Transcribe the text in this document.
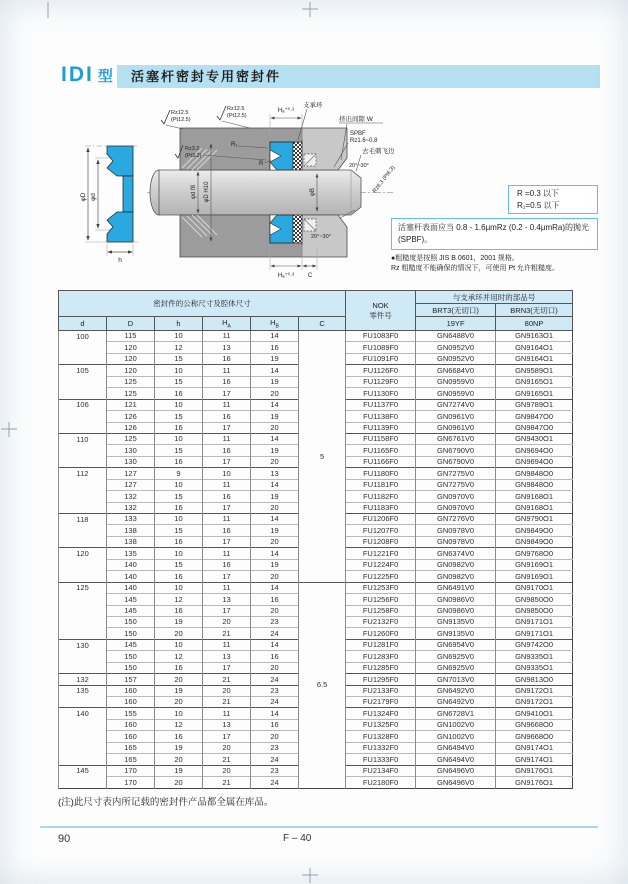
IDI 型	活塞杆密封专用密封件
φD φd
h
Rz12.5
(Pt12.5)
Rz12.5
(Pt12.5)
Hₐ⁺⁰·³
支承环
挤出间隙 W
SPBF
Rz1.6~0.8
去毛刺飞边
20°~30° Rz6.3 (Pt6.3)
Rz3.2
(Pt3.2)
R₁
R
φd f8 φD H10	φB
Hₐ⁺⁰·³ C
20°~30°
R =0.3 以下
R₁=0.5 以下
活塞杆表面应当 0.8 - 1.6μmRz (0.2 - 0.4μmRa)的抛光(SPBF)。
●粗糙度是按照 JIS B 0601，2001 规格。
Rz 粗糙度不能确保的情况下，可使用 Pt 允许粗糙度。
密封件的公称尺寸及腔体尺寸						NOK
零件号	与支承环并用时的部品号	
							BRT3(无切口)	BRN3(无切口)
d	D	h	$H_A$	$H_B$	C		19YF	80NP
100	115	10	11	14	5	FU1083F0	GN6488V0	GN9163O1
	120	12	13	16		FU1089F0	GN0952V0	GN9164O1
	120	15	16	19		FU1091F0	GN0952V0	GN9164O1
105	120	10	11	14		FU1126F0	GN6684V0	GN9589O1
	125	15	16	19		FU1129F0	GN0959V0	GN9165O1
	125	16	17	20		FU1130F0	GN0959V0	GN9165O1
106	121	10	11	14		FU1137F0	GN7274V0	GN9789O1
	126	15	16	19		FU1138F0	GN0961V0	GN9847O0
	126	16	17	20		FU1139F0	GN0961V0	GN9847O0
110	125	10	11	14		FU1158F0	GN6761V0	GN9430O1
	130	15	16	19		FU1165F0	GN6790V0	GN9694O0
	130	16	17	20		FU1166F0	GN6790V0	GN9694O0
112	127	9	10	13		FU1180F0	GN7275V0	GN9848O0
	127	10	11	14		FU1181F0	GN7275V0	GN9848O0
	132	15	16	19		FU1182F0	GN0970V0	GN9168O1
	132	16	17	20		FU1183F0	GN0970V0	GN9168O1
118	133	10	11	14		FU1206F0	GN7276V0	GN9790O1
	138	15	16	19		FU1207F0	GN0978V0	GN9849O0
	138	16	17	20		FU1208F0	GN0978V0	GN9849O0
120	135	10	11	14		FU1221F0	GN6374V0	GN9768O0
	140	15	16	19		FU1224F0	GN0982V0	GN9169O1
	140	16	17	20		FU1225F0	GN0982V0	GN9169O1
125	140	10	11	14	6.5	FU1253F0	GN6491V0	GN9170O1
	145	12	13	16		FU1256F0	GN0986V0	GN9850O0
	145	16	17	20		FU1258F0	GN0986V0	GN9850O0
	150	19	20	23		FU2132F0	GN9135V0	GN9171O1
	150	20	21	24		FU1260F0	GN9135V0	GN9171O1
130	145	10	11	14		FU1281F0	GN6954V0	GN9742O0
	150	12	13	16		FU1283F0	GN6925V0	GN9335O1
	150	16	17	20		FU1285F0	GN6925V0	GN9335O1
132	157	20	21	24		FU1295F0	GN7013V0	GN9813O0
135	160	19	20	23		FU2133F0	GN6492V0	GN9172O1
	160	20	21	24		FU2179F0	GN6492V0	GN9172O1
140	155	10	11	14		FU1324F0	GN6728V1	GN9410O1
	160	12	13	16		FU1325F0	GN1002V0	GN9668O0
	160	16	17	20		FU1328F0	GN1002V0	GN9668O0
	165	19	20	23		FU1332F0	GN6494V0	GN9174O1
	165	20	21	24		FU1333F0	GN6494V0	GN9174O1
145	170	19	20	23		FU2134F0	GN6496V0	GN9176O1
	170	20	21	24		FU2180F0	GN6496V0	GN9176O1
(注)此尺寸表内所记载的密封件产品都全属在库品。
90	F – 40
